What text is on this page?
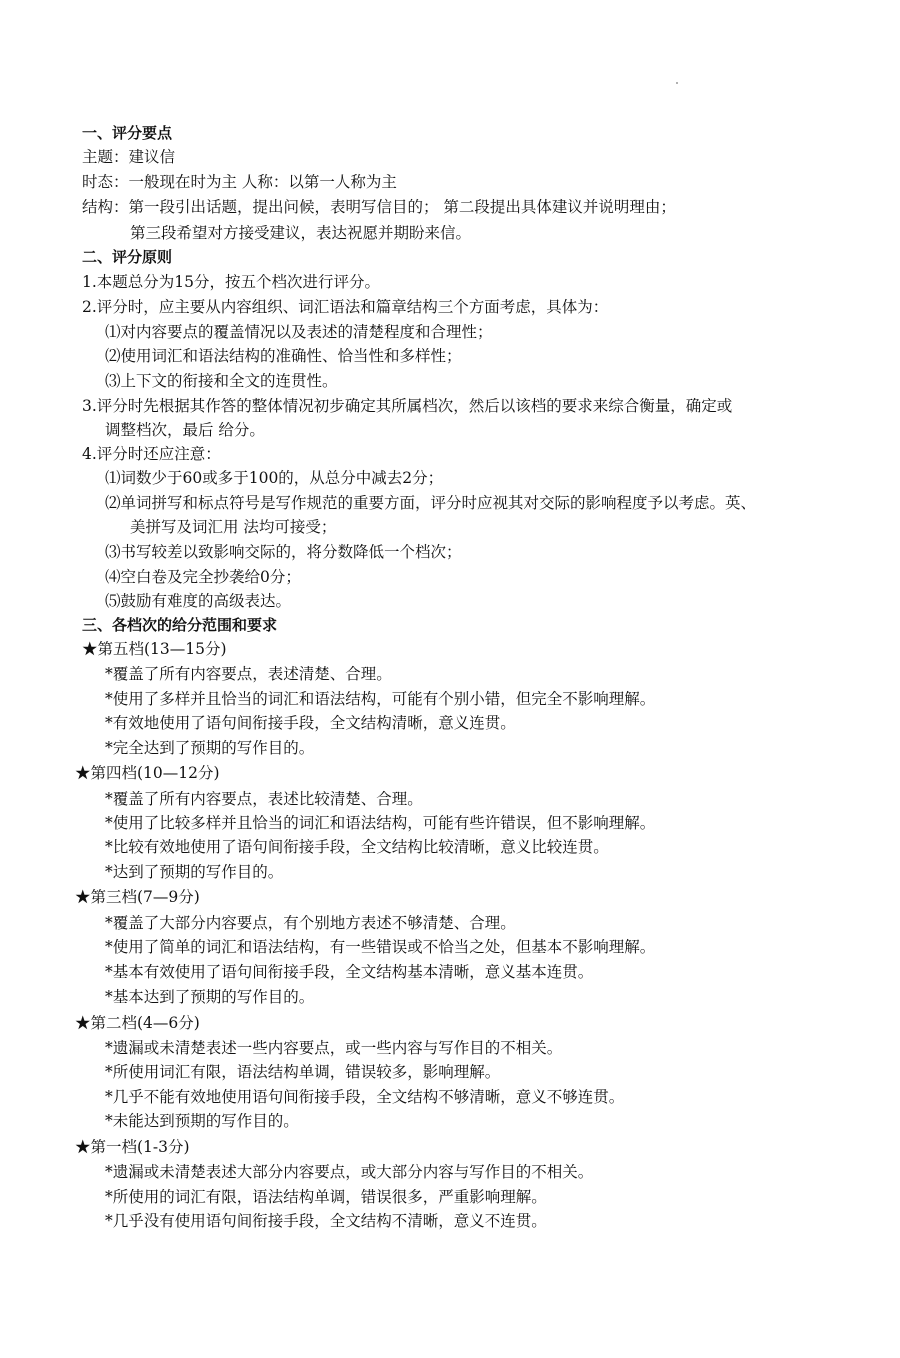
一、评分要点
主题：建议信
时态：一般现在时为主 人称：以第一人称为主
结构：第一段引出话题，提出问候，表明写信目的； 第二段提出具体建议并说明理由；
第三段希望对方接受建议，表达祝愿并期盼来信。
二、评分原则
1.本题总分为15分，按五个档次进行评分。
2.评分时，应主要从内容组织、词汇语法和篇章结构三个方面考虑，具体为：
⑴对内容要点的覆盖情况以及表述的清楚程度和合理性；
⑵使用词汇和语法结构的准确性、恰当性和多样性；
⑶上下文的衔接和全文的连贯性。
3.评分时先根据其作答的整体情况初步确定其所属档次，然后以该档的要求来综合衡量，确定或
调整档次，最后 给分。
4.评分时还应注意：
⑴词数少于60或多于100的，从总分中减去2分；
⑵单词拼写和标点符号是写作规范的重要方面，评分时应视其对交际的影响程度予以考虑。英、
美拼写及词汇用 法均可接受；
⑶书写较差以致影响交际的，将分数降低一个档次；
⑷空白卷及完全抄袭给0分；
⑸鼓励有难度的高级表达。
三、各档次的给分范围和要求
★第五档(13—15分)
*覆盖了所有内容要点，表述清楚、合理。
*使用了多样并且恰当的词汇和语法结构，可能有个别小错，但完全不影响理解。
*有效地使用了语句间衔接手段，全文结构清晰，意义连贯。
*完全达到了预期的写作目的。
★第四档(10—12分)
*覆盖了所有内容要点，表述比较清楚、合理。
*使用了比较多样并且恰当的词汇和语法结构，可能有些许错误，但不影响理解。
*比较有效地使用了语句间衔接手段，全文结构比较清晰，意义比较连贯。
*达到了预期的写作目的。
★第三档(7—9分)
*覆盖了大部分内容要点，有个别地方表述不够清楚、合理。
*使用了简单的词汇和语法结构，有一些错误或不恰当之处，但基本不影响理解。
*基本有效使用了语句间衔接手段，全文结构基本清晰，意义基本连贯。
*基本达到了预期的写作目的。
★第二档(4—6分)
*遗漏或未清楚表述一些内容要点，或一些内容与写作目的不相关。
*所使用词汇有限，语法结构单调，错误较多，影响理解。
*几乎不能有效地使用语句间衔接手段，全文结构不够清晰，意义不够连贯。
*未能达到预期的写作目的。
★第一档(1-3分)
*遗漏或未清楚表述大部分内容要点，或大部分内容与写作目的不相关。
*所使用的词汇有限，语法结构单调，错误很多，严重影响理解。
*几乎没有使用语句间衔接手段，全文结构不清晰，意义不连贯。
